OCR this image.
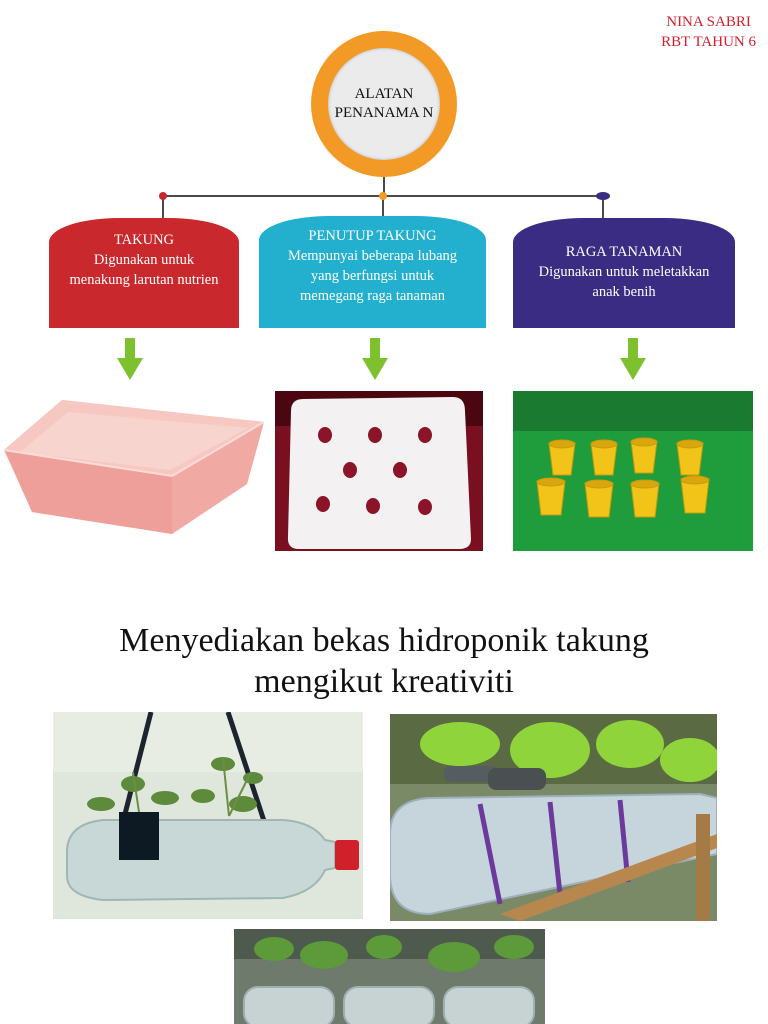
NINA SABRI
RBT TAHUN 6
ALATAN PENANAMA N
TAKUNG
Digunakan untuk menakung larutan nutrien
PENUTUP TAKUNG
Mempunyai beberapa lubang yang berfungsi untuk memegang raga tanaman
RAGA TANAMAN
Digunakan untuk meletakkan anak benih
Menyediakan bekas hidroponik takung
mengikut kreativiti
